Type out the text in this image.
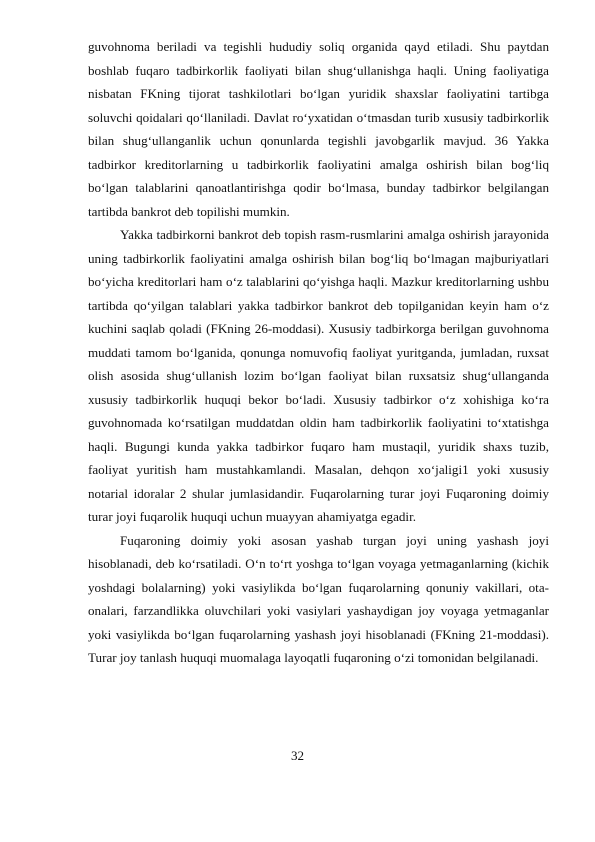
guvohnoma beriladi va tegishli hududiy soliq organida qayd etiladi. Shu paytdan boshlab fuqaro tadbirkorlik faoliyati bilan shug‘ullanishga haqli. Uning faoliyatiga nisbatan FKning tijorat tashkilotlari bo‘lgan yuridik shaxslar faoliyatini tartibga soluvchi qoidalari qo‘llaniladi. Davlat ro‘yxatidan o‘tmasdan turib xususiy tadbirkorlik bilan shug‘ullanganlik uchun qonunlarda tegishli javobgarlik mavjud. 36 Yakka tadbirkor kreditorlarning u tadbirkorlik faoliyatini amalga oshirish bilan bog‘liq bo‘lgan talablarini qanoatlantirishga qodir bo‘lmasa, bunday tadbirkor belgilangan tartibda bankrot deb topilishi mumkin.

Yakka tadbirkorni bankrot deb topish rasm-rusmlarini amalga oshirish jarayonida uning tadbirkorlik faoliyatini amalga oshirish bilan bog‘liq bo‘lmagan majburiyatlari bo‘yicha kreditorlari ham o‘z talablarini qo‘yishga haqli. Mazkur kreditorlarning ushbu tartibda qo‘yilgan talablari yakka tadbirkor bankrot deb topilganidan keyin ham o‘z kuchini saqlab qoladi (FKning 26-moddasi). Xususiy tadbirkorga berilgan guvohnoma muddati tamom bo‘lganida, qonunga nomuvofiq faoliyat yuritganda, jumladan, ruxsat olish asosida shug‘ullanish lozim bo‘lgan faoliyat bilan ruxsatsiz shug‘ullanganda xususiy tadbirkorlik huquqi bekor bo‘ladi. Xususiy tadbirkor o‘z xohishiga ko‘ra guvohnomada ko‘rsatilgan muddatdan oldin ham tadbirkorlik faoliyatini to‘xtatishga haqli. Bugungi kunda yakka tadbirkor fuqaro ham mustaqil, yuridik shaxs tuzib, faoliyat yuritish ham mustahkamlandi. Masalan, dehqon xo‘jaligi1 yoki xususiy notarial idoralar 2 shular jumlasidandir. Fuqarolarning turar joyi Fuqaroning doimiy turar joyi fuqarolik huquqi uchun muayyan ahamiyatga egadir.

Fuqaroning doimiy yoki asosan yashab turgan joyi uning yashash joyi hisoblanadi, deb ko‘rsatiladi. O‘n to‘rt yoshga to‘lgan voyaga yetmaganlarning (kichik yoshdagi bolalarning) yoki vasiylikda bo‘lgan fuqarolarning qonuniy vakillari, ota-onalari, farzandlikka oluvchilari yoki vasiylari yashaydigan joy voyaga yetmaganlar yoki vasiylikda bo‘lgan fuqarolarning yashash joyi hisoblanadi (FKning 21-moddasi). Turar joy tanlash huquqi muomalaga layoqatli fuqaroning o‘zi tomonidan belgilanadi.

32
